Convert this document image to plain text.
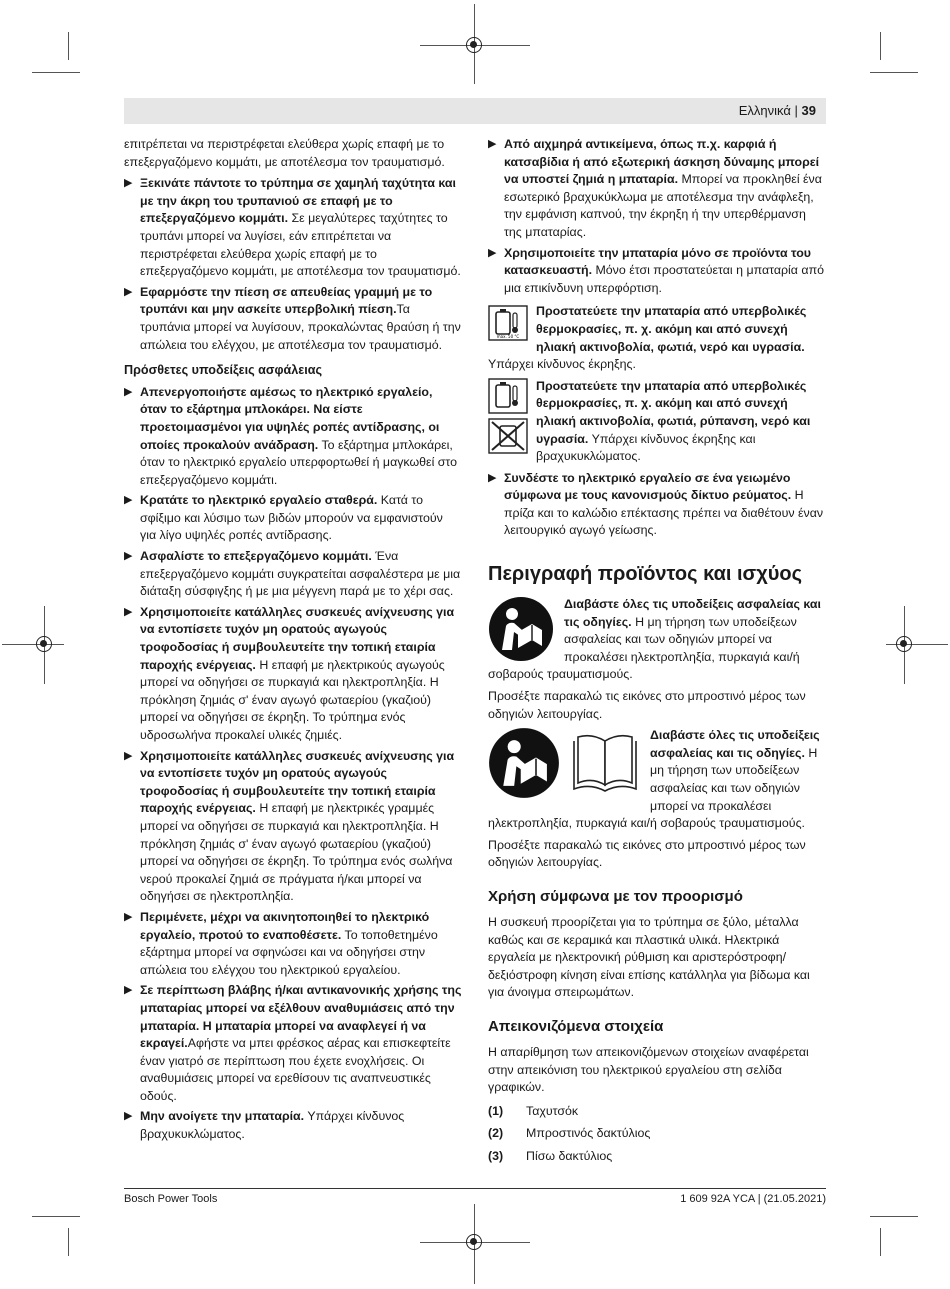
Ελληνικά | 39

επιτρέπεται να περιστρέφεται ελεύθερα χωρίς επαφή με το επεξεργαζόμενο κομμάτι, με αποτέλεσμα τον τραυματισμό.

▶ Ξεκινάτε πάντοτε το τρύπημα σε χαμηλή ταχύτητα και με την άκρη του τρυπανιού σε επαφή με το επεξεργαζόμενο κομμάτι. Σε μεγαλύτερες ταχύτητες το τρυπάνι μπορεί να λυγίσει, εάν επιτρέπεται να περιστρέφεται ελεύθερα χωρίς επαφή με το επεξεργαζόμενο κομμάτι, με αποτέλεσμα τον τραυματισμό.
▶ Εφαρμόστε την πίεση σε απευθείας γραμμή με το τρυπάνι και μην ασκείτε υπερβολική πίεση.Τα τρυπάνια μπορεί να λυγίσουν, προκαλώντας θραύση ή την απώλεια του ελέγχου, με αποτέλεσμα τον τραυματισμό.
Πρόσθετες υποδείξεις ασφάλειας
▶ Απενεργοποιήστε αμέσως το ηλεκτρικό εργαλείο, όταν το εξάρτημα μπλοκάρει. Να είστε προετοιμασμένοι για υψηλές ροπές αντίδρασης, οι οποίες προκαλούν ανάδραση. Το εξάρτημα μπλοκάρει, όταν το ηλεκτρικό εργαλείο υπερφορτωθεί ή μαγκωθεί στο επεξεργαζόμενο κομμάτι.
▶ Κρατάτε το ηλεκτρικό εργαλείο σταθερά. Κατά το σφίξιμο και λύσιμο των βιδών μπορούν να εμφανιστούν για λίγο υψηλές ροπές αντίδρασης.
▶ Ασφαλίστε το επεξεργαζόμενο κομμάτι. Ένα επεξεργαζόμενο κομμάτι συγκρατείται ασφαλέστερα με μια διάταξη σύσφιγξης ή με μια μέγγενη παρά με το χέρι σας.
▶ Χρησιμοποιείτε κατάλληλες συσκευές ανίχνευσης για να εντοπίσετε τυχόν μη ορατούς αγωγούς τροφοδοσίας ή συμβουλευτείτε την τοπική εταιρία παροχής ενέργειας. Η επαφή με ηλεκτρικούς αγωγούς μπορεί να οδηγήσει σε πυρκαγιά και ηλεκτροπληξία. Η πρόκληση ζημιάς σ' έναν αγωγό φωταερίου (γκαζιού) μπορεί να οδηγήσει σε έκρηξη. Το τρύπημα ενός υδροσωλήνα προκαλεί υλικές ζημιές.
▶ Χρησιμοποιείτε κατάλληλες συσκευές ανίχνευσης για να εντοπίσετε τυχόν μη ορατούς αγωγούς τροφοδοσίας ή συμβουλευτείτε την τοπική εταιρία παροχής ενέργειας. Η επαφή με ηλεκτρικές γραμμές μπορεί να οδηγήσει σε πυρκαγιά και ηλεκτροπληξία. Η πρόκληση ζημιάς σ' έναν αγωγό φωταερίου (γκαζιού) μπορεί να οδηγήσει σε έκρηξη. Το τρύπημα ενός σωλήνα νερού προκαλεί ζημιά σε πράγματα ή/και μπορεί να οδηγήσει σε ηλεκτροπληξία.
▶ Περιμένετε, μέχρι να ακινητοποιηθεί το ηλεκτρικό εργαλείο, προτού το εναποθέσετε. Το τοποθετημένο εξάρτημα μπορεί να σφηνώσει και να οδηγήσει στην απώλεια του ελέγχου του ηλεκτρικού εργαλείου.
▶ Σε περίπτωση βλάβης ή/και αντικανονικής χρήσης της μπαταρίας μπορεί να εξέλθουν αναθυμιάσεις από την μπαταρία. Η μπαταρία μπορεί να αναφλεγεί ή να εκραγεί.Αφήστε να μπει φρέσκος αέρας και επισκεφτείτε έναν γιατρό σε περίπτωση που έχετε ενοχλήσεις. Οι αναθυμιάσεις μπορεί να ερεθίσουν τις αναπνευστικές οδούς.
▶ Μην ανοίγετε την μπαταρία. Υπάρχει κίνδυνος βραχυκυκλώματος.
▶ Από αιχμηρά αντικείμενα, όπως π.χ. καρφιά ή κατσαβίδια ή από εξωτερική άσκηση δύναμης μπορεί να υποστεί ζημιά η μπαταρία. Μπορεί να προκληθεί ένα εσωτερικό βραχυκύκλωμα με αποτέλεσμα την ανάφλεξη, την εμφάνιση καπνού, την έκρηξη ή την υπερθέρμανση της μπαταρίας.
▶ Χρησιμοποιείτε την μπαταρία μόνο σε προϊόντα του κατασκευαστή. Μόνο έτσι προστατεύεται η μπαταρία από μια επικίνδυνη υπερφόρτιση.

max. 50 °C
Προστατεύετε την μπαταρία από υπερβολικές θερμοκρασίες, π. χ. ακόμη και από συνεχή ηλιακή ακτινοβολία, φωτιά, νερό και υγρασία. Υπάρχει κίνδυνος έκρηξης.

Προστατεύετε την μπαταρία από υπερβολικές θερμοκρασίες, π. χ. ακόμη και από συνεχή ηλιακή ακτινοβολία, φωτιά, ρύπανση, νερό και υγρασία. Υπάρχει κίνδυνος έκρηξης και βραχυκυκλώματος.
▶ Συνδέστε το ηλεκτρικό εργαλείο σε ένα γειωμένο σύμφωνα με τους κανονισμούς δίκτυο ρεύματος. Η πρίζα και το καλώδιο επέκτασης πρέπει να διαθέτουν έναν λειτουργικό αγωγό γείωσης.
Περιγραφή προϊόντος και ισχύος

Διαβάστε όλες τις υποδείξεις ασφαλείας και τις οδηγίες. Η μη τήρηση των υποδείξεων ασφαλείας και των οδηγιών μπορεί να προκαλέσει ηλεκτροπληξία, πυρκαγιά και/ή σοβαρούς τραυματισμούς.

Προσέξτε παρακαλώ τις εικόνες στο μπροστινό μέρος των οδηγιών λειτουργίας.

Διαβάστε όλες τις υποδείξεις ασφαλείας και τις οδηγίες. Η μη τήρηση των υποδείξεων ασφαλείας και των οδηγιών μπορεί να προκαλέσει ηλεκτροπληξία, πυρκαγιά και/ή σοβαρούς τραυματισμούς.

Προσέξτε παρακαλώ τις εικόνες στο μπροστινό μέρος των οδηγιών λειτουργίας.

Χρήση σύμφωνα με τον προορισμό

Η συσκευή προορίζεται για το τρύπημα σε ξύλο, μέταλλα καθώς και σε κεραμικά και πλαστικά υλικά. Ηλεκτρικά εργαλεία με ηλεκτρονική ρύθμιση και αριστερόστροφη/δεξιόστροφη κίνηση είναι επίσης κατάλληλα για βίδωμα και για άνοιγμα σπειρωμάτων.

Απεικονιζόμενα στοιχεία

Η απαρίθμηση των απεικονιζόμενων στοιχείων αναφέρεται στην απεικόνιση του ηλεκτρικού εργαλείου στη σελίδα γραφικών.

(1)	Ταχυτσόκ
(2)	Μπροστινός δακτύλιος
(3)	Πίσω δακτύλιος
Bosch Power Tools	1 609 92A YCA | (21.05.2021)
